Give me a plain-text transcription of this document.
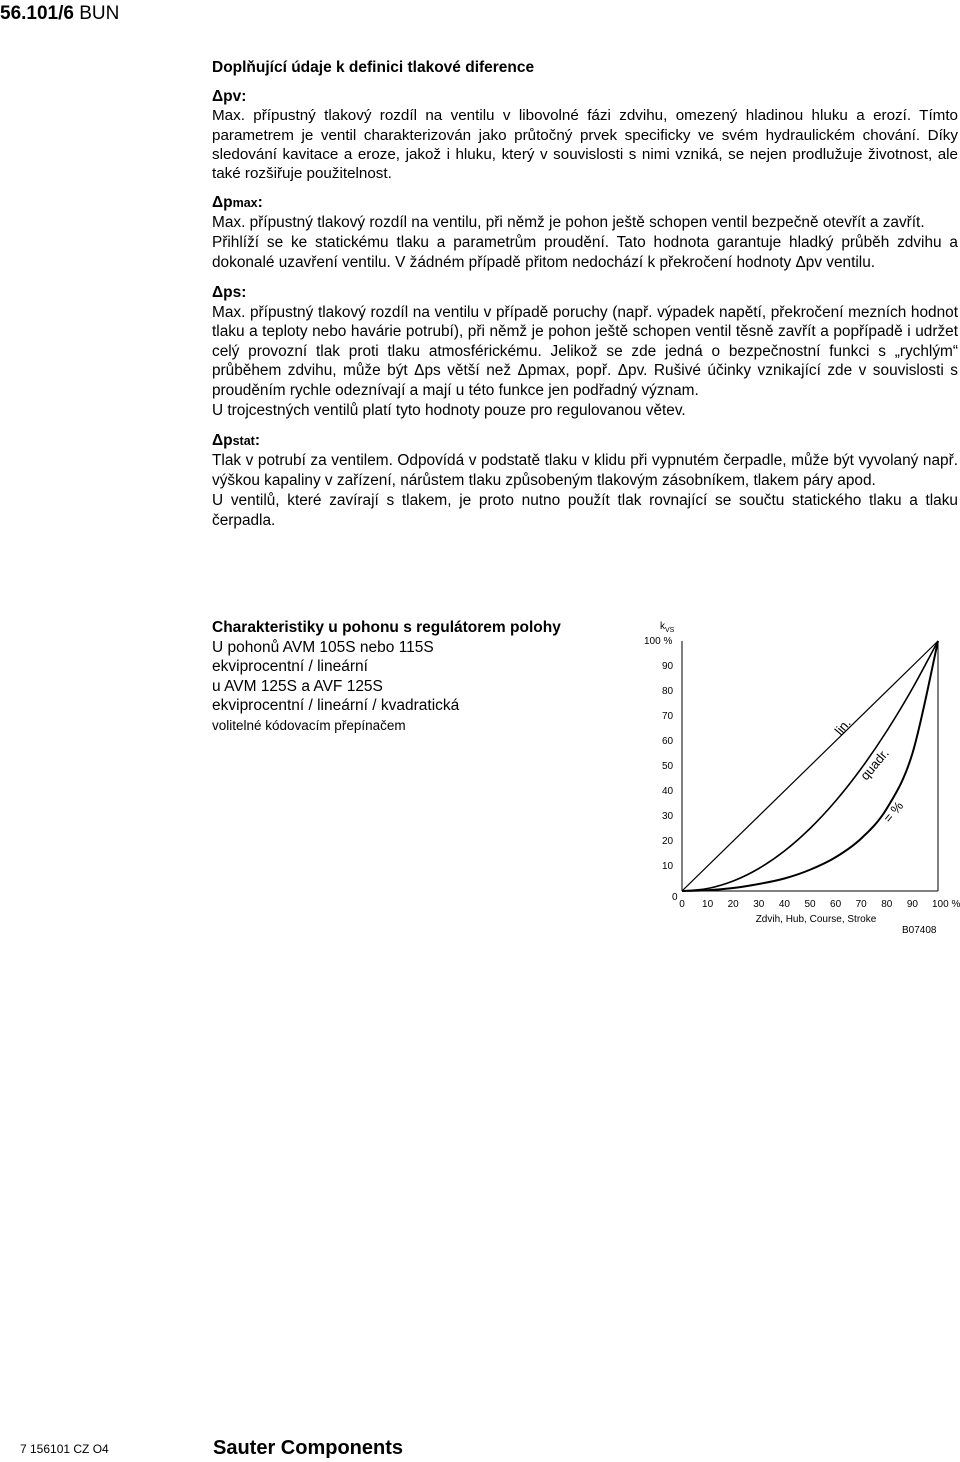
56.101/6 BUN

Doplňující údaje k definici tlakové diference

Δpv:

Max. přípustný tlakový rozdíl na ventilu v libovolné fázi zdvihu, omezený hladinou hluku a erozí. Tímto parametrem je ventil charakterizován jako průtočný prvek specificky ve svém hydraulickém chování. Díky sledování kavitace a eroze, jakož i hluku, který v souvislosti s nimi vzniká, se nejen prodlužuje životnost, ale také rozšiřuje použitelnost.

Δpmax:

Max. přípustný tlakový rozdíl na ventilu, při němž je pohon ještě schopen ventil bezpečně otevřít a zavřít.

Přihlíží se ke statickému tlaku a parametrům proudění. Tato hodnota garantuje hladký průběh zdvihu a dokonalé uzavření ventilu. V žádném případě přitom nedochází k překročení hodnoty Δpv ventilu.

Δps:

Max. přípustný tlakový rozdíl na ventilu v případě poruchy (např. výpadek napětí, překročení mezních hodnot tlaku a teploty nebo havárie potrubí), při němž je pohon ještě schopen ventil těsně zavřít a popřípadě i udržet celý provozní tlak proti tlaku atmosférickému. Jelikož se zde jedná o bezpečnostní funkci s „rychlým“ průběhem zdvihu, může být Δps větší než Δpmax, popř. Δpv. Rušivé účinky vznikající zde v souvislosti s prouděním rychle odeznívají a mají u této funkce jen podřadný význam.

U trojcestných ventilů platí tyto hodnoty pouze pro regulovanou větev.

Δpstat:

Tlak v potrubí za ventilem. Odpovídá v podstatě tlaku v klidu při vypnutém čerpadle, může být vyvolaný např. výškou kapaliny v zařízení, nárůstem tlaku způsobeným tlakovým zásobníkem, tlakem páry apod.

U ventilů, které zavírají s tlakem, je proto nutno použít tlak rovnající se součtu statického tlaku a tlaku čerpadla.

Charakteristiky u pohonu s regulátorem polohy

U pohonů AVM 105S nebo 115S

ekviprocentní / lineární

u AVM 125S a AVF 125S

ekviprocentní / lineární / kvadratická

volitelné kódovacím přepínačem

$k_{VS}$
0
10
20
30
40
50
60
70
80
90
100 %
0 10 20 30 40 50 60 70 80 90 100 %
Zdvih, Hub, Course, Stroke
B07408
lin.
quadr.
= %
7 156101 CZ O4	Sauter Components
